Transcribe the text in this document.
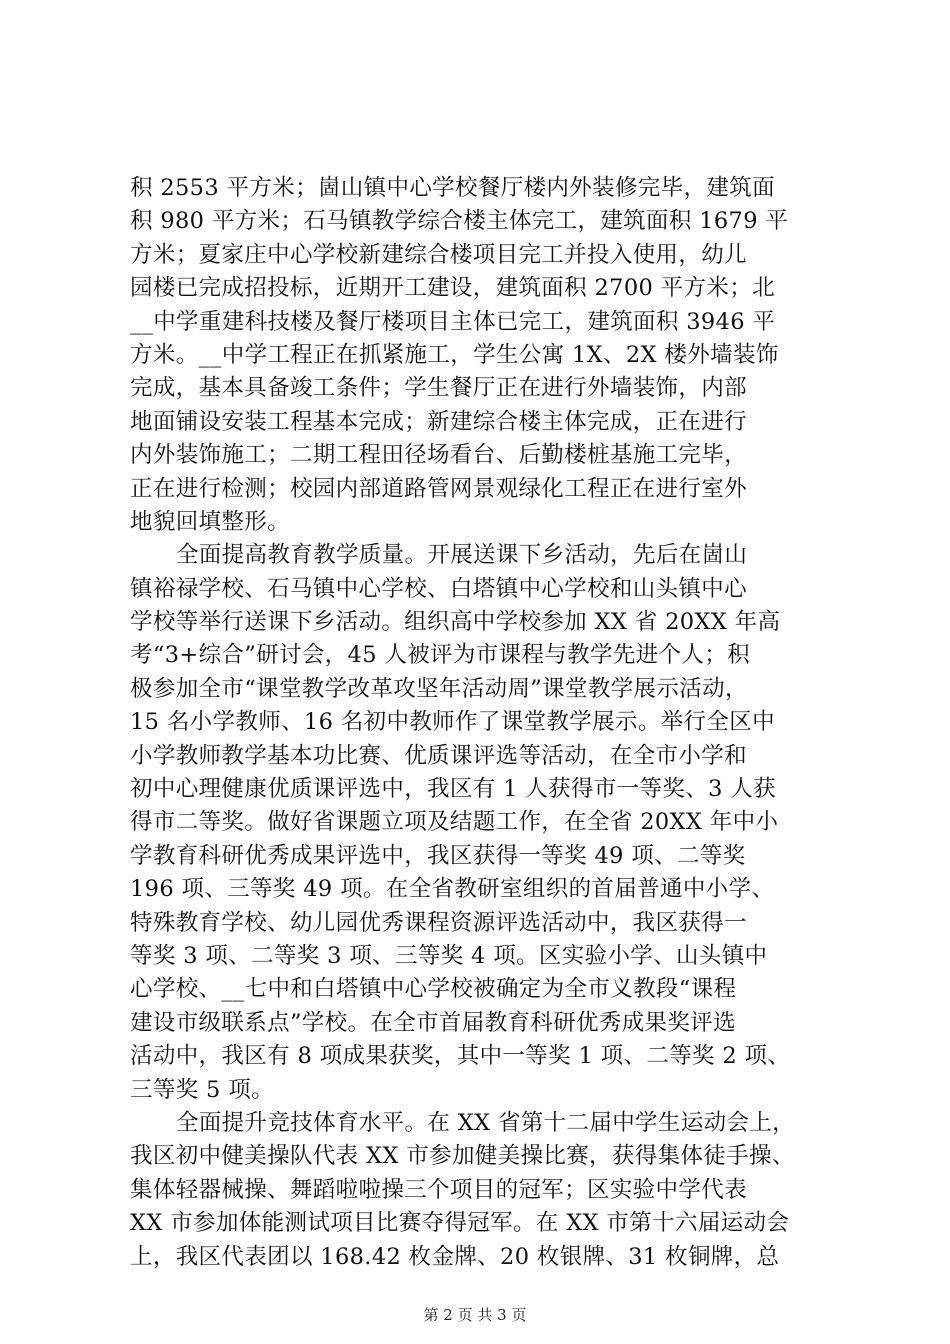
积 2553 平方米；崮山镇中心学校餐厅楼内外装修完毕，建筑面
积 980 平方米；石马镇教学综合楼主体完工，建筑面积 1679 平
方米；夏家庄中心学校新建综合楼项目完工并投入使用，幼儿
园楼已完成招投标，近期开工建设，建筑面积 2700 平方米；北
__中学重建科技楼及餐厅楼项目主体已完工，建筑面积 3946 平
方米。__中学工程正在抓紧施工，学生公寓 1X、2X 楼外墙装饰
完成，基本具备竣工条件；学生餐厅正在进行外墙装饰，内部
地面铺设安装工程基本完成；新建综合楼主体完成，正在进行
内外装饰施工；二期工程田径场看台、后勤楼桩基施工完毕，
正在进行检测；校园内部道路管网景观绿化工程正在进行室外
地貌回填整形。
全面提高教育教学质量。开展送课下乡活动，先后在崮山
镇裕禄学校、石马镇中心学校、白塔镇中心学校和山头镇中心
学校等举行送课下乡活动。组织高中学校参加 XX 省 20XX 年高
考“3+综合”研讨会，45 人被评为市课程与教学先进个人；积
极参加全市“课堂教学改革攻坚年活动周”课堂教学展示活动，
15 名小学教师、16 名初中教师作了课堂教学展示。举行全区中
小学教师教学基本功比赛、优质课评选等活动，在全市小学和
初中心理健康优质课评选中，我区有 1 人获得市一等奖、3 人获
得市二等奖。做好省课题立项及结题工作，在全省 20XX 年中小
学教育科研优秀成果评选中，我区获得一等奖 49 项、二等奖
196 项、三等奖 49 项。在全省教研室组织的首届普通中小学、
特殊教育学校、幼儿园优秀课程资源评选活动中，我区获得一
等奖 3 项、二等奖 3 项、三等奖 4 项。区实验小学、山头镇中
心学校、__七中和白塔镇中心学校被确定为全市义教段“课程
建设市级联系点”学校。在全市首届教育科研优秀成果奖评选
活动中，我区有 8 项成果获奖，其中一等奖 1 项、二等奖 2 项、
三等奖 5 项。
全面提升竞技体育水平。在 XX 省第十二届中学生运动会上，
我区初中健美操队代表 XX 市参加健美操比赛，获得集体徒手操、
集体轻器械操、舞蹈啦啦操三个项目的冠军；区实验中学代表
XX 市参加体能测试项目比赛夺得冠军。在 XX 市第十六届运动会
上，我区代表团以 168.42 枚金牌、20 枚银牌、31 枚铜牌，总
第 2 页 共 3 页
